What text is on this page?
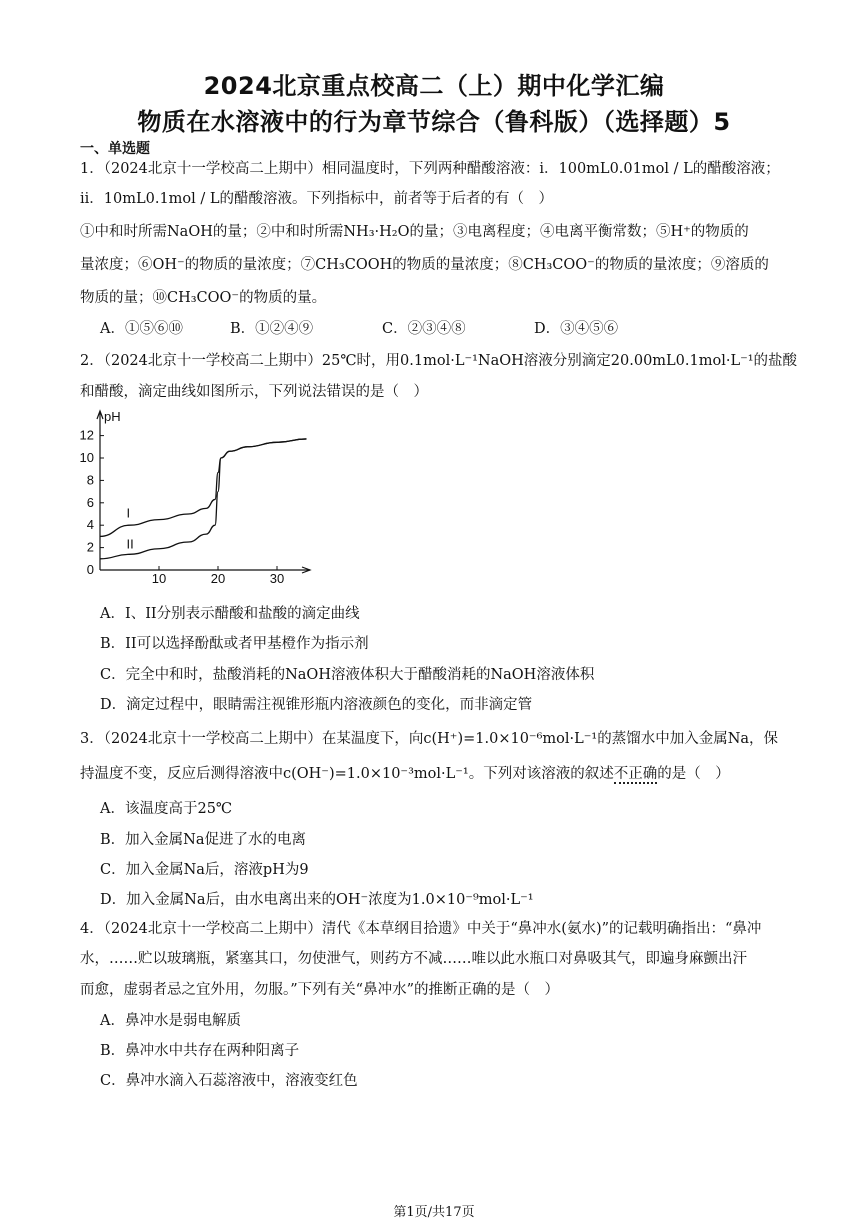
2024北京重点校高二（上）期中化学汇编
物质在水溶液中的行为章节综合（鲁科版）（选择题）5
一、单选题
1．（2024北京十一学校高二上期中）相同温度时，下列两种醋酸溶液：i．100mL0.01mol / L的醋酸溶液；
ii．10mL0.1mol / L的醋酸溶液。下列指标中，前者等于后者的有（　）
①中和时所需NaOH的量；②中和时所需NH₃·H₂O的量；③电离程度；④电离平衡常数；⑤H⁺的物质的
量浓度；⑥OH⁻的物质的量浓度；⑦CH₃COOH的物质的量浓度；⑧CH₃COO⁻的物质的量浓度；⑨溶质的
物质的量；⑩CH₃COO⁻的物质的量。
A．①⑤⑥⑩	B．①②④⑨	C．②③④⑧	D．③④⑤⑥
2．（2024北京十一学校高二上期中）25℃时，用0.1mol·L⁻¹NaOH溶液分别滴定20.00mL0.1mol·L⁻¹的盐酸
和醋酸，滴定曲线如图所示，下列说法错误的是（　）
0
2
4
6
8
10
12
10	20	30
pH
I
II
A．I、II分别表示醋酸和盐酸的滴定曲线
B．II可以选择酚酞或者甲基橙作为指示剂
C．完全中和时，盐酸消耗的NaOH溶液体积大于醋酸消耗的NaOH溶液体积
D．滴定过程中，眼睛需注视锥形瓶内溶液颜色的变化，而非滴定管
3．（2024北京十一学校高二上期中）在某温度下，向c(H⁺)=1.0×10⁻⁶mol·L⁻¹的蒸馏水中加入金属Na，保
持温度不变，反应后测得溶液中c(OH⁻)=1.0×10⁻³mol·L⁻¹。下列对该溶液的叙述不正确的是（　）
A．该温度高于25℃
B．加入金属Na促进了水的电离
C．加入金属Na后，溶液pH为9
D．加入金属Na后，由水电离出来的OH⁻浓度为1.0×10⁻⁹mol·L⁻¹
4．（2024北京十一学校高二上期中）清代《本草纲目拾遗》中关于“鼻冲水(氨水)”的记载明确指出：“鼻冲
水，……贮以玻璃瓶，紧塞其口，勿使泄气，则药方不减……唯以此水瓶口对鼻吸其气，即遍身麻颤出汗
而愈，虚弱者忌之宜外用，勿服。”下列有关“鼻冲水”的推断正确的是（　）
A．鼻冲水是弱电解质
B．鼻冲水中共存在两种阳离子
C．鼻冲水滴入石蕊溶液中，溶液变红色
第1页/共17页
